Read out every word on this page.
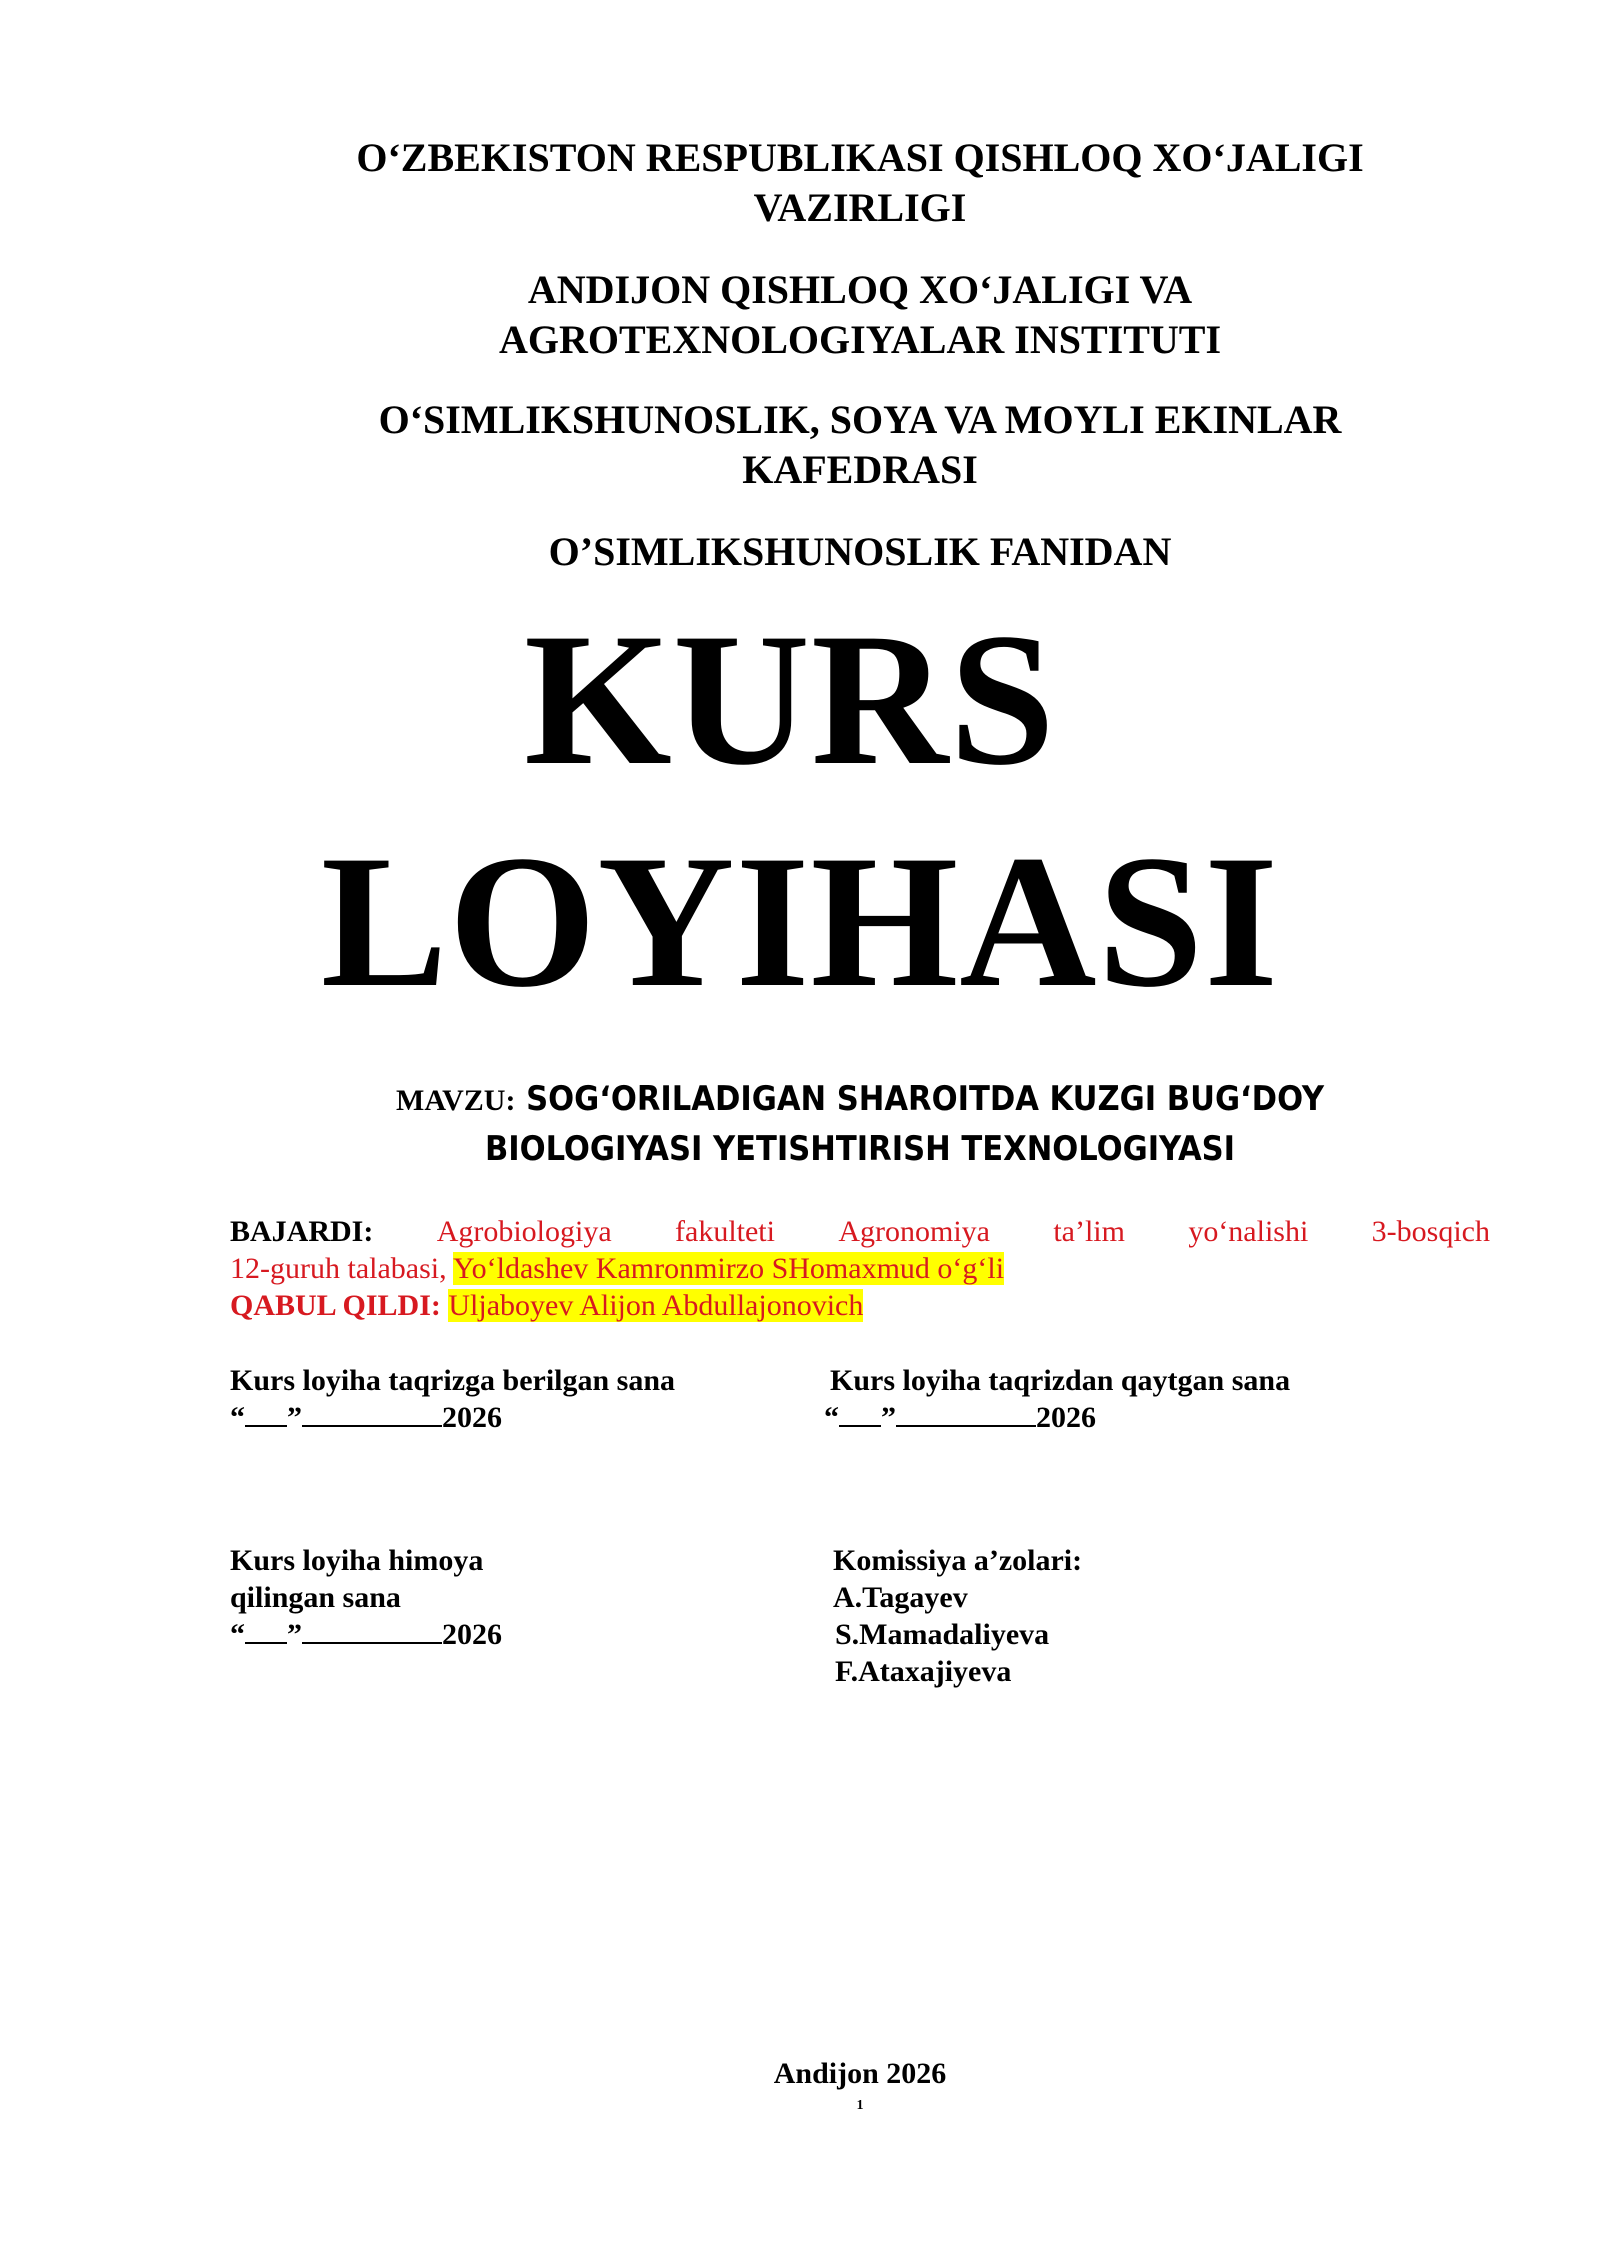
O‘ZBEKISTON RESPUBLIKASI QISHLOQ XO‘JALIGI

VAZIRLIGI

ANDIJON QISHLOQ XO‘JALIGI VA

AGROTEXNOLOGIYALAR INSTITUTI

O‘SIMLIKSHUNOSLIK, SOYA VA MOYLI EKINLAR

KAFEDRASI

O’SIMLIKSHUNOSLIK FANIDAN

KURS

LOYIHASI

MAVZU: SOG‘ORILADIGAN SHAROITDA KUZGI BUG‘DOY
BIOLOGIYASI YETISHTIRISH TEXNOLOGIYASI
BAJARDI: Agrobiologiya fakulteti Agronomiya ta’lim yo‘nalishi 3-bosqich
12-guruh talabasi, Yo‘ldashev Kamronmirzo SHomaxmud o‘g‘li
QABUL QILDI: Uljaboyev Alijon Abdullajonovich
Kurs loyiha taqrizga berilgan sana
“ ”	2026
Kurs loyiha taqrizdan qaytgan sana
“ ”	2026
Kurs loyiha himoya
qilingan sana
“ ”	2026
Komissiya a’zolari:
A.Tagayev
S.Mamadaliyeva
F.Ataxajiyeva
Andijon 2026
1
